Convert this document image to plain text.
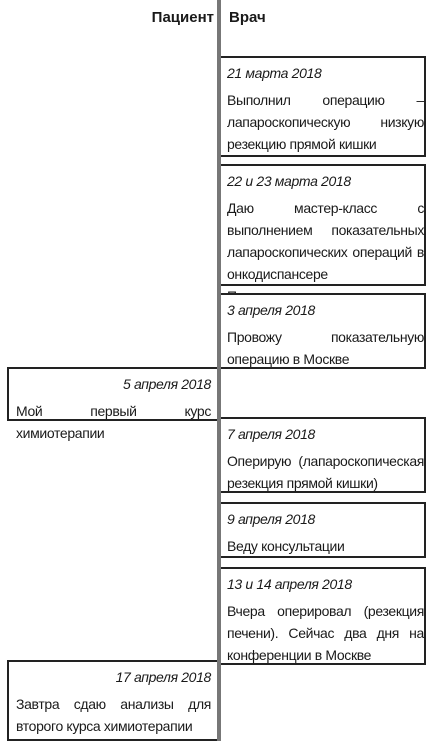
Пациент Врач
21 марта 2018
Выполнил операцию – лапароскопическую низкую резекцию прямой кишки
22 и 23 марта 2018
Даю мастер-класс с выполнением показательных лапароскопических операций в онкодиспансере
3 апреля 2018
Провожу показательную операцию в Москве
5 апреля 2018
Мой первый курс химиотерапии	7 апреля 2018
Оперирую (лапароскопическая резекция прямой кишки)
9 апреля 2018
Веду консультации
13 и 14 апреля 2018
Вчера оперировал (резекция печени). Сейчас два дня на конференции в Москве
17 апреля 2018
Завтра сдаю анализы для второго курса химиотерапии
